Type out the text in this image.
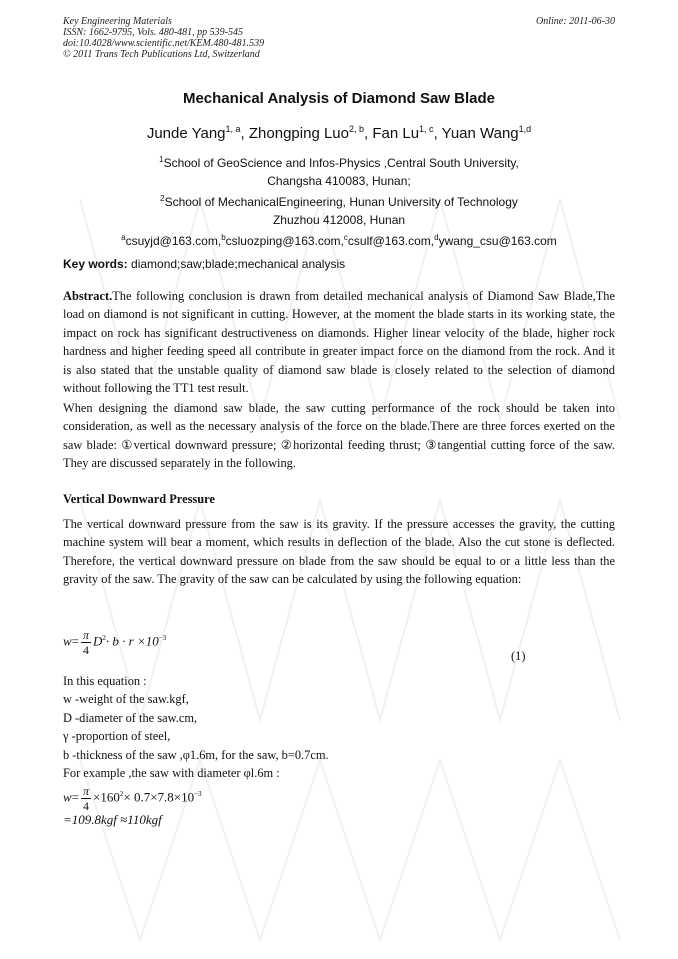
Key Engineering Materials
ISSN: 1662-9795, Vols. 480-481, pp 539-545
doi:10.4028/www.scientific.net/KEM.480-481.539
© 2011 Trans Tech Publications Ltd, Switzerland
Online: 2011-06-30
Mechanical Analysis of Diamond Saw Blade
Junde Yang$^{1, a}$, Zhongping Luo$^{2, b}$, Fan Lu$^{1, c}$, Yuan Wang$^{1,d}$
$^1$School of GeoScience and Infos-Physics ,Central South University,
Changsha 410083, Hunan;
$^2$School of MechanicalEngineering, Hunan University of Technology
Zhuzhou 412008, Hunan
$^a$csuyjd@163.com,$^b$csluozping@163.com,$^c$csulf@163.com,$^d$ywang_csu@163.com
Key words: diamond;saw;blade;mechanical analysis
Abstract.The following conclusion is drawn from detailed mechanical analysis of Diamond Saw Blade,The load on diamond is not significant in cutting. However, at the moment the blade starts in its working state, the impact on rock has significant destructiveness on diamonds. Higher linear velocity of the blade, higher rock hardness and higher feeding speed all contribute in greater impact force on the diamond from the rock. And it is also stated that the unstable quality of diamond saw blade is closely related to the selection of diamond without following the TT1 test result.
When designing the diamond saw blade, the saw cutting performance of the rock should be taken into consideration, as well as the necessary analysis of the force on the blade.There are three forces exerted on the saw blade: ①vertical downward pressure; ②horizontal feeding thrust; ③tangential cutting force of the saw. They are discussed separately in the following.
Vertical Downward Pressure
The vertical downward pressure from the saw is its gravity. If the pressure accesses the gravity, the cutting machine system will bear a moment, which results in deflection of the blade. Also the cut stone is deflected. Therefore, the vertical downward pressure on blade from the saw should be equal to or a little less than the gravity of the saw. The gravity of the saw can be calculated by using the following equation:
$w= \frac{\pi}{4} D^2\cdot b \cdot r \times 10^{-3}$
(1)
In this equation :
w -weight of the saw.kgf,
D -diameter of the saw.cm,
γ -proportion of steel,
b -thickness of the saw ,φ1.6m, for the saw, b=0.7cm.
For example ,the saw with diameter φl.6m :
$w= \frac{\pi}{4} \times 160^2\times 0.7\times 7.8\times 10^{-3}$
=109.8kgf ≈110kgf
